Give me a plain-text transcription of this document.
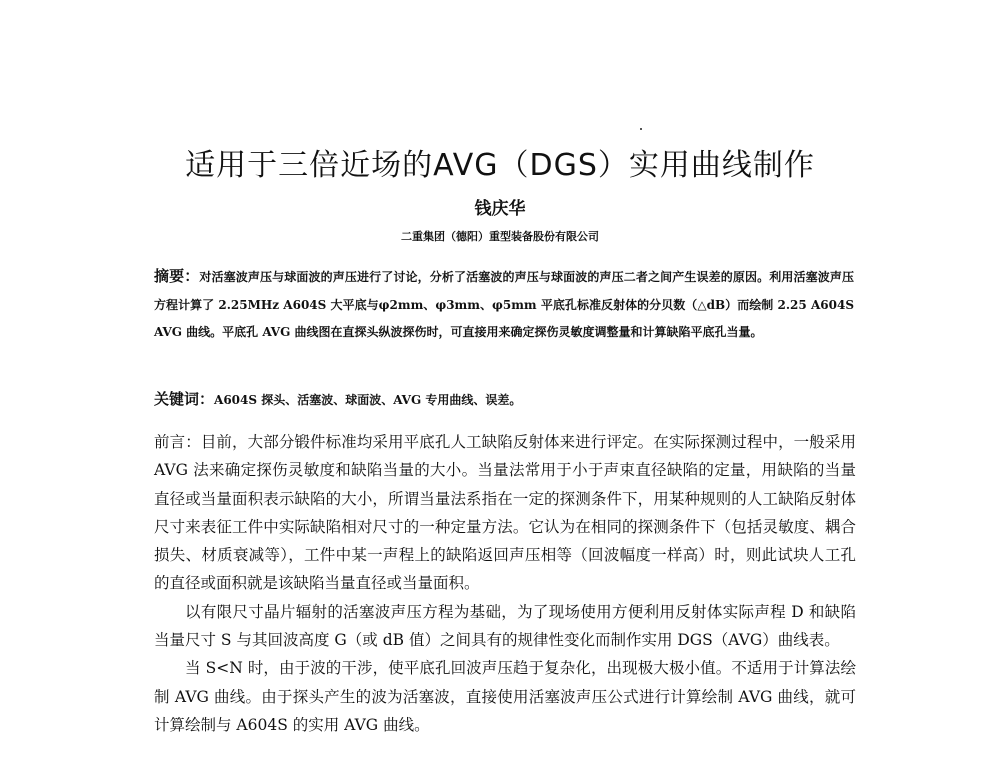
适用于三倍近场的AVG（DGS）实用曲线制作
钱庆华
二重集团（德阳）重型装备股份有限公司
摘要：对活塞波声压与球面波的声压进行了讨论，分析了活塞波的声压与球面波的声压二者之间产生误差的原因。利用活塞波声压方程计算了 2.25MHz A604S 大平底与φ2mm、φ3mm、φ5mm 平底孔标准反射体的分贝数（△dB）而绘制 2.25 A604S AVG 曲线。平底孔 AVG 曲线图在直探头纵波探伤时，可直接用来确定探伤灵敏度调整量和计算缺陷平底孔当量。
关键词：A604S 探头、活塞波、球面波、AVG 专用曲线、误差。

前言：目前，大部分锻件标准均采用平底孔人工缺陷反射体来进行评定。在实际探测过程中，一般采用 AVG 法来确定探伤灵敏度和缺陷当量的大小。当量法常用于小于声束直径缺陷的定量，用缺陷的当量直径或当量面积表示缺陷的大小，所谓当量法系指在一定的探测条件下，用某种规则的人工缺陷反射体尺寸来表征工件中实际缺陷相对尺寸的一种定量方法。它认为在相同的探测条件下（包括灵敏度、耦合损失、材质衰减等），工件中某一声程上的缺陷返回声压相等（回波幅度一样高）时，则此试块人工孔的直径或面积就是该缺陷当量直径或当量面积。

以有限尺寸晶片辐射的活塞波声压方程为基础，为了现场使用方便利用反射体实际声程 D 和缺陷当量尺寸 S 与其回波高度 G（或 dB 值）之间具有的规律性变化而制作实用 DGS（AVG）曲线表。

当 S<N 时，由于波的干涉，使平底孔回波声压趋于复杂化，出现极大极小值。不适用于计算法绘制 AVG 曲线。由于探头产生的波为活塞波，直接使用活塞波声压公式进行计算绘制 AVG 曲线，就可计算绘制与 A604S 的实用 AVG 曲线。
